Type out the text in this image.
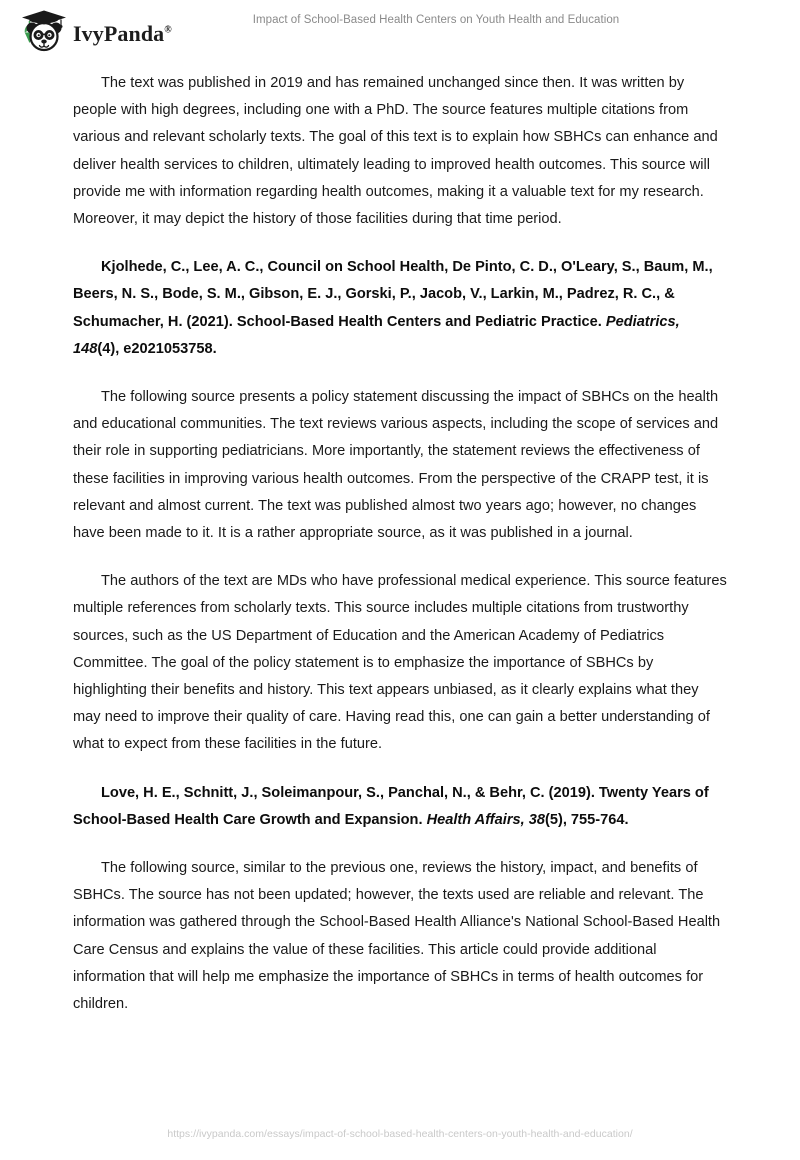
IvyPanda®
Impact of School-Based Health Centers on Youth Health and Education

The text was published in 2019 and has remained unchanged since then. It was written by people with high degrees, including one with a PhD. The source features multiple citations from various and relevant scholarly texts. The goal of this text is to explain how SBHCs can enhance and deliver health services to children, ultimately leading to improved health outcomes. This source will provide me with information regarding health outcomes, making it a valuable text for my research. Moreover, it may depict the history of those facilities during that time period.

Kjolhede, C., Lee, A. C., Council on School Health, De Pinto, C. D., O'Leary, S., Baum, M., Beers, N. S., Bode, S. M., Gibson, E. J., Gorski, P., Jacob, V., Larkin, M., Padrez, R. C., & Schumacher, H. (2021). School-Based Health Centers and Pediatric Practice. Pediatrics, 148(4), e2021053758.

The following source presents a policy statement discussing the impact of SBHCs on the health and educational communities. The text reviews various aspects, including the scope of services and their role in supporting pediatricians. More importantly, the statement reviews the effectiveness of these facilities in improving various health outcomes. From the perspective of the CRAPP test, it is relevant and almost current. The text was published almost two years ago; however, no changes have been made to it. It is a rather appropriate source, as it was published in a journal.

The authors of the text are MDs who have professional medical experience. This source features multiple references from scholarly texts. This source includes multiple citations from trustworthy sources, such as the US Department of Education and the American Academy of Pediatrics Committee. The goal of the policy statement is to emphasize the importance of SBHCs by highlighting their benefits and history. This text appears unbiased, as it clearly explains what they may need to improve their quality of care. Having read this, one can gain a better understanding of what to expect from these facilities in the future.

Love, H. E., Schnitt, J., Soleimanpour, S., Panchal, N., & Behr, C. (2019). Twenty Years of School-Based Health Care Growth and Expansion. Health Affairs, 38(5), 755-764.

The following source, similar to the previous one, reviews the history, impact, and benefits of SBHCs. The source has not been updated; however, the texts used are reliable and relevant. The information was gathered through the School-Based Health Alliance's National School-Based Health Care Census and explains the value of these facilities. This article could provide additional information that will help me emphasize the importance of SBHCs in terms of health outcomes for children.

https://ivypanda.com/essays/impact-of-school-based-health-centers-on-youth-health-and-education/
